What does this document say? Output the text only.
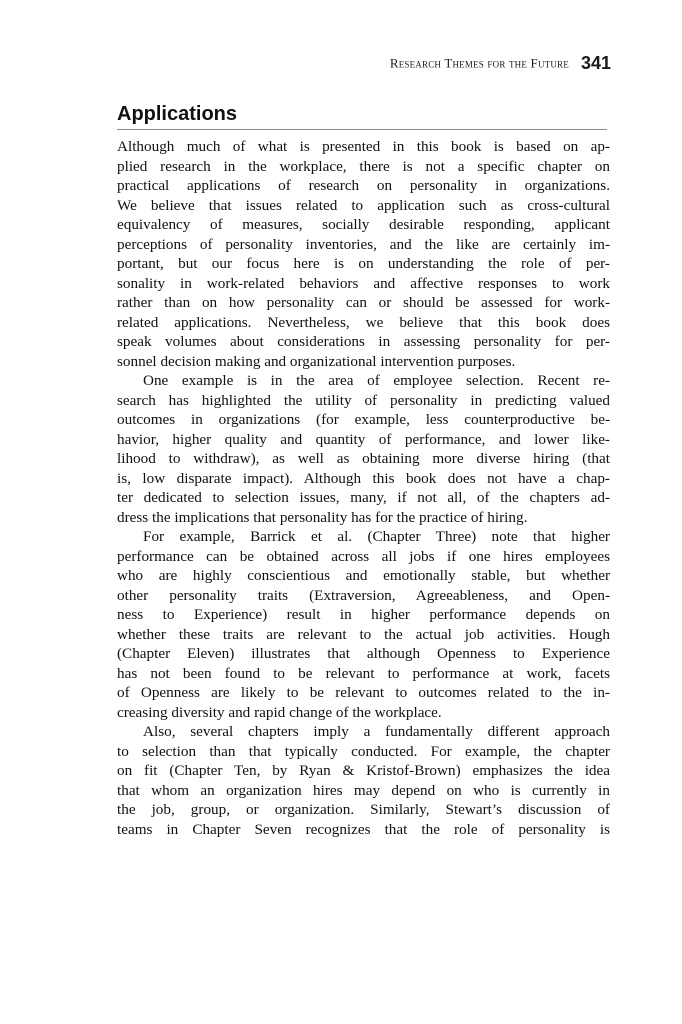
Research Themes for the Future 341
Applications
Although much of what is presented in this book is based on ap-
plied research in the workplace, there is not a specific chapter on
practical applications of research on personality in organizations.
We believe that issues related to application such as cross-cultural
equivalency of measures, socially desirable responding, applicant
perceptions of personality inventories, and the like are certainly im-
portant, but our focus here is on understanding the role of per-
sonality in work-related behaviors and affective responses to work
rather than on how personality can or should be assessed for work-
related applications. Nevertheless, we believe that this book does
speak volumes about considerations in assessing personality for per-
sonnel decision making and organizational intervention purposes.
One example is in the area of employee selection. Recent re-
search has highlighted the utility of personality in predicting valued
outcomes in organizations (for example, less counterproductive be-
havior, higher quality and quantity of performance, and lower like-
lihood to withdraw), as well as obtaining more diverse hiring (that
is, low disparate impact). Although this book does not have a chap-
ter dedicated to selection issues, many, if not all, of the chapters ad-
dress the implications that personality has for the practice of hiring.
For example, Barrick et al. (Chapter Three) note that higher
performance can be obtained across all jobs if one hires employees
who are highly conscientious and emotionally stable, but whether
other personality traits (Extraversion, Agreeableness, and Open-
ness to Experience) result in higher performance depends on
whether these traits are relevant to the actual job activities. Hough
(Chapter Eleven) illustrates that although Openness to Experience
has not been found to be relevant to performance at work, facets
of Openness are likely to be relevant to outcomes related to the in-
creasing diversity and rapid change of the workplace.
Also, several chapters imply a fundamentally different approach
to selection than that typically conducted. For example, the chapter
on fit (Chapter Ten, by Ryan & Kristof-Brown) emphasizes the idea
that whom an organization hires may depend on who is currently in
the job, group, or organization. Similarly, Stewart’s discussion of
teams in Chapter Seven recognizes that the role of personality is
